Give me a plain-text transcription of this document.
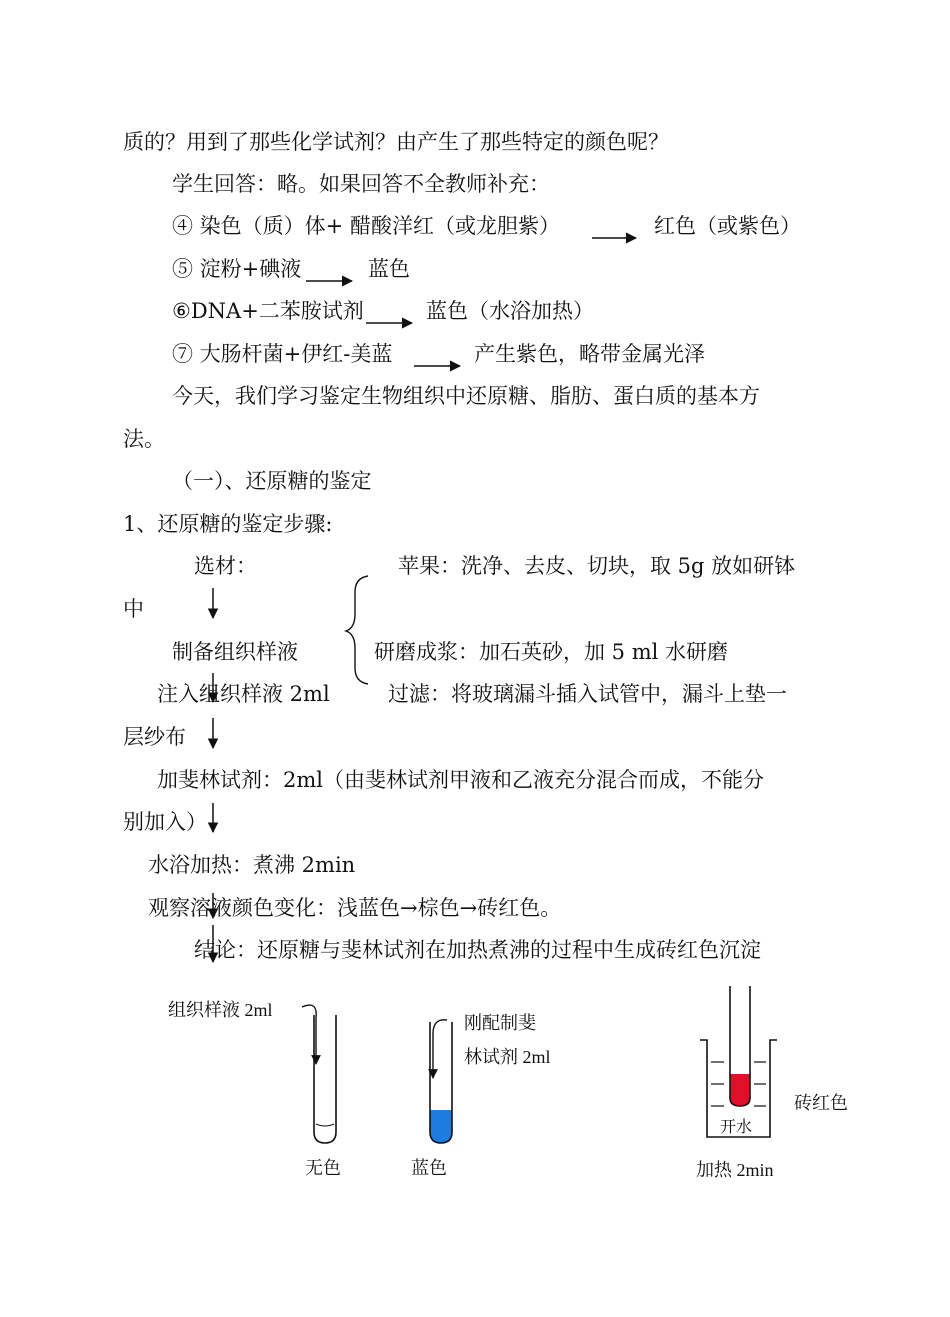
质的？用到了那些化学试剂？由产生了那些特定的颜色呢？
学生回答：略。如果回答不全教师补充：
④ 染色（质）体+ 醋酸洋红（或龙胆紫）	红色（或紫色）
⑤ 淀粉+碘液	蓝色
⑥DNA+二苯胺试剂	蓝色（水浴加热）
⑦ 大肠杆菌+伊红-美蓝	产生紫色，略带金属光泽
今天，我们学习鉴定生物组织中还原糖、脂肪、蛋白质的基本方
法。
（一）、还原糖的鉴定
1、还原糖的鉴定步骤:
选材：	苹果：洗净、去皮、切块，取 5g 放如研钵
中
制备组织样液	研磨成浆：加石英砂，加 5 ml 水研磨
注入组织样液 2ml	过滤：将玻璃漏斗插入试管中，漏斗上垫一
层纱布
加斐林试剂：2ml（由斐林试剂甲液和乙液充分混合而成，不能分
别加入）
水浴加热：煮沸 2min
观察溶液颜色变化：浅蓝色→棕色→砖红色。
结论：还原糖与斐林试剂在加热煮沸的过程中生成砖红色沉淀
组织样液 2ml
刚配制斐
林试剂 2ml
开水
砖红色
无色	蓝色	加热 2min
